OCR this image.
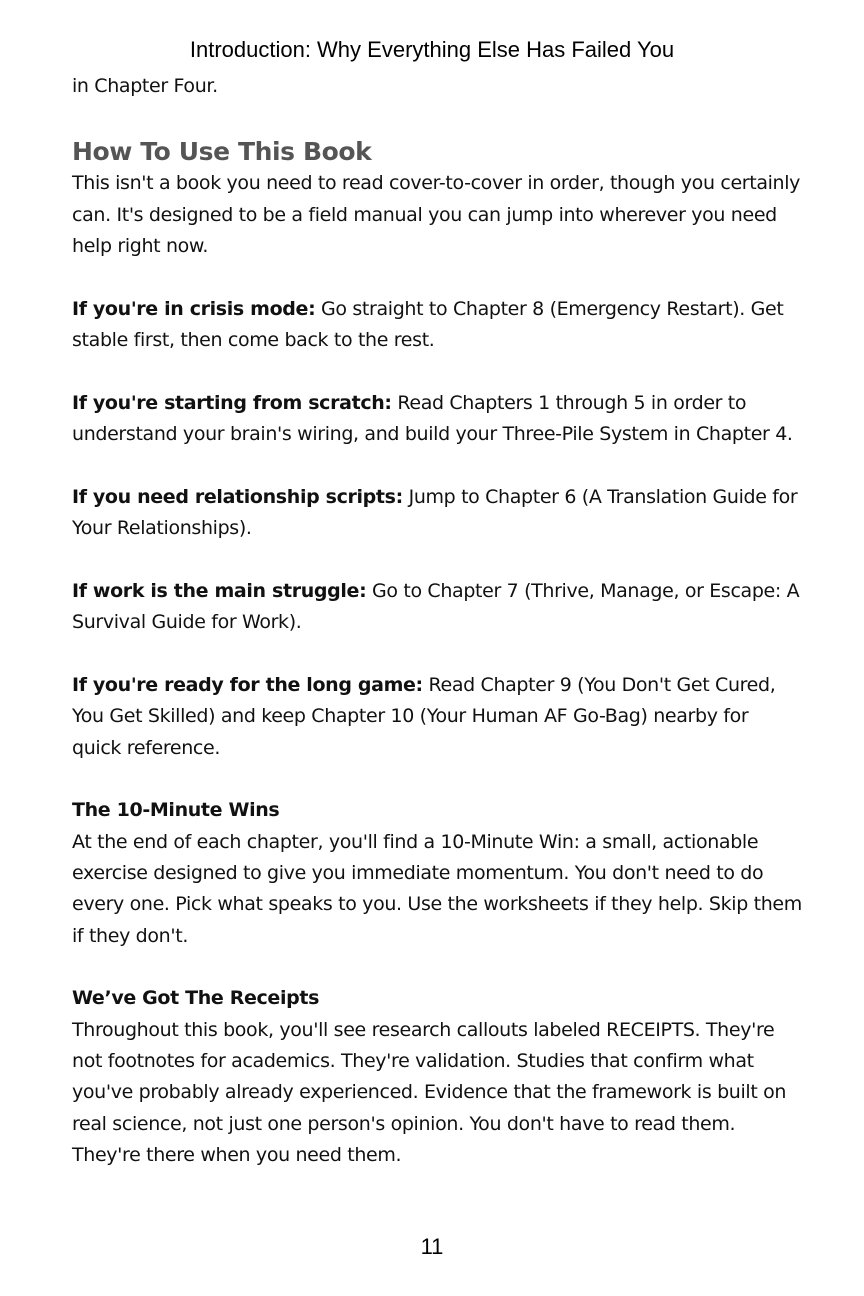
Introduction: Why Everything Else Has Failed You

in Chapter Four.

How To Use This Book

This isn't a book you need to read cover-to-cover in order, though you certainly can. It's designed to be a field manual you can jump into wherever you need help right now.

If you're in crisis mode: Go straight to Chapter 8 (Emergency Restart). Get stable first, then come back to the rest.

If you're starting from scratch: Read Chapters 1 through 5 in order to understand your brain's wiring, and build your Three-Pile System in Chapter 4.

If you need relationship scripts: Jump to Chapter 6 (A Translation Guide for Your Relationships).

If work is the main struggle: Go to Chapter 7 (Thrive, Manage, or Escape: A Survival Guide for Work).

If you're ready for the long game: Read Chapter 9 (You Don't Get Cured, You Get Skilled) and keep Chapter 10 (Your Human AF Go-Bag) nearby for quick reference.

The 10-Minute Wins

At the end of each chapter, you'll find a 10-Minute Win: a small, actionable exercise designed to give you immediate momentum. You don't need to do every one. Pick what speaks to you. Use the worksheets if they help. Skip them if they don't.

We’ve Got The Receipts

Throughout this book, you'll see research callouts labeled RECEIPTS. They're not footnotes for academics. They're validation. Studies that confirm what you've probably already experienced. Evidence that the framework is built on real science, not just one person's opinion. You don't have to read them. They're there when you need them.

11
